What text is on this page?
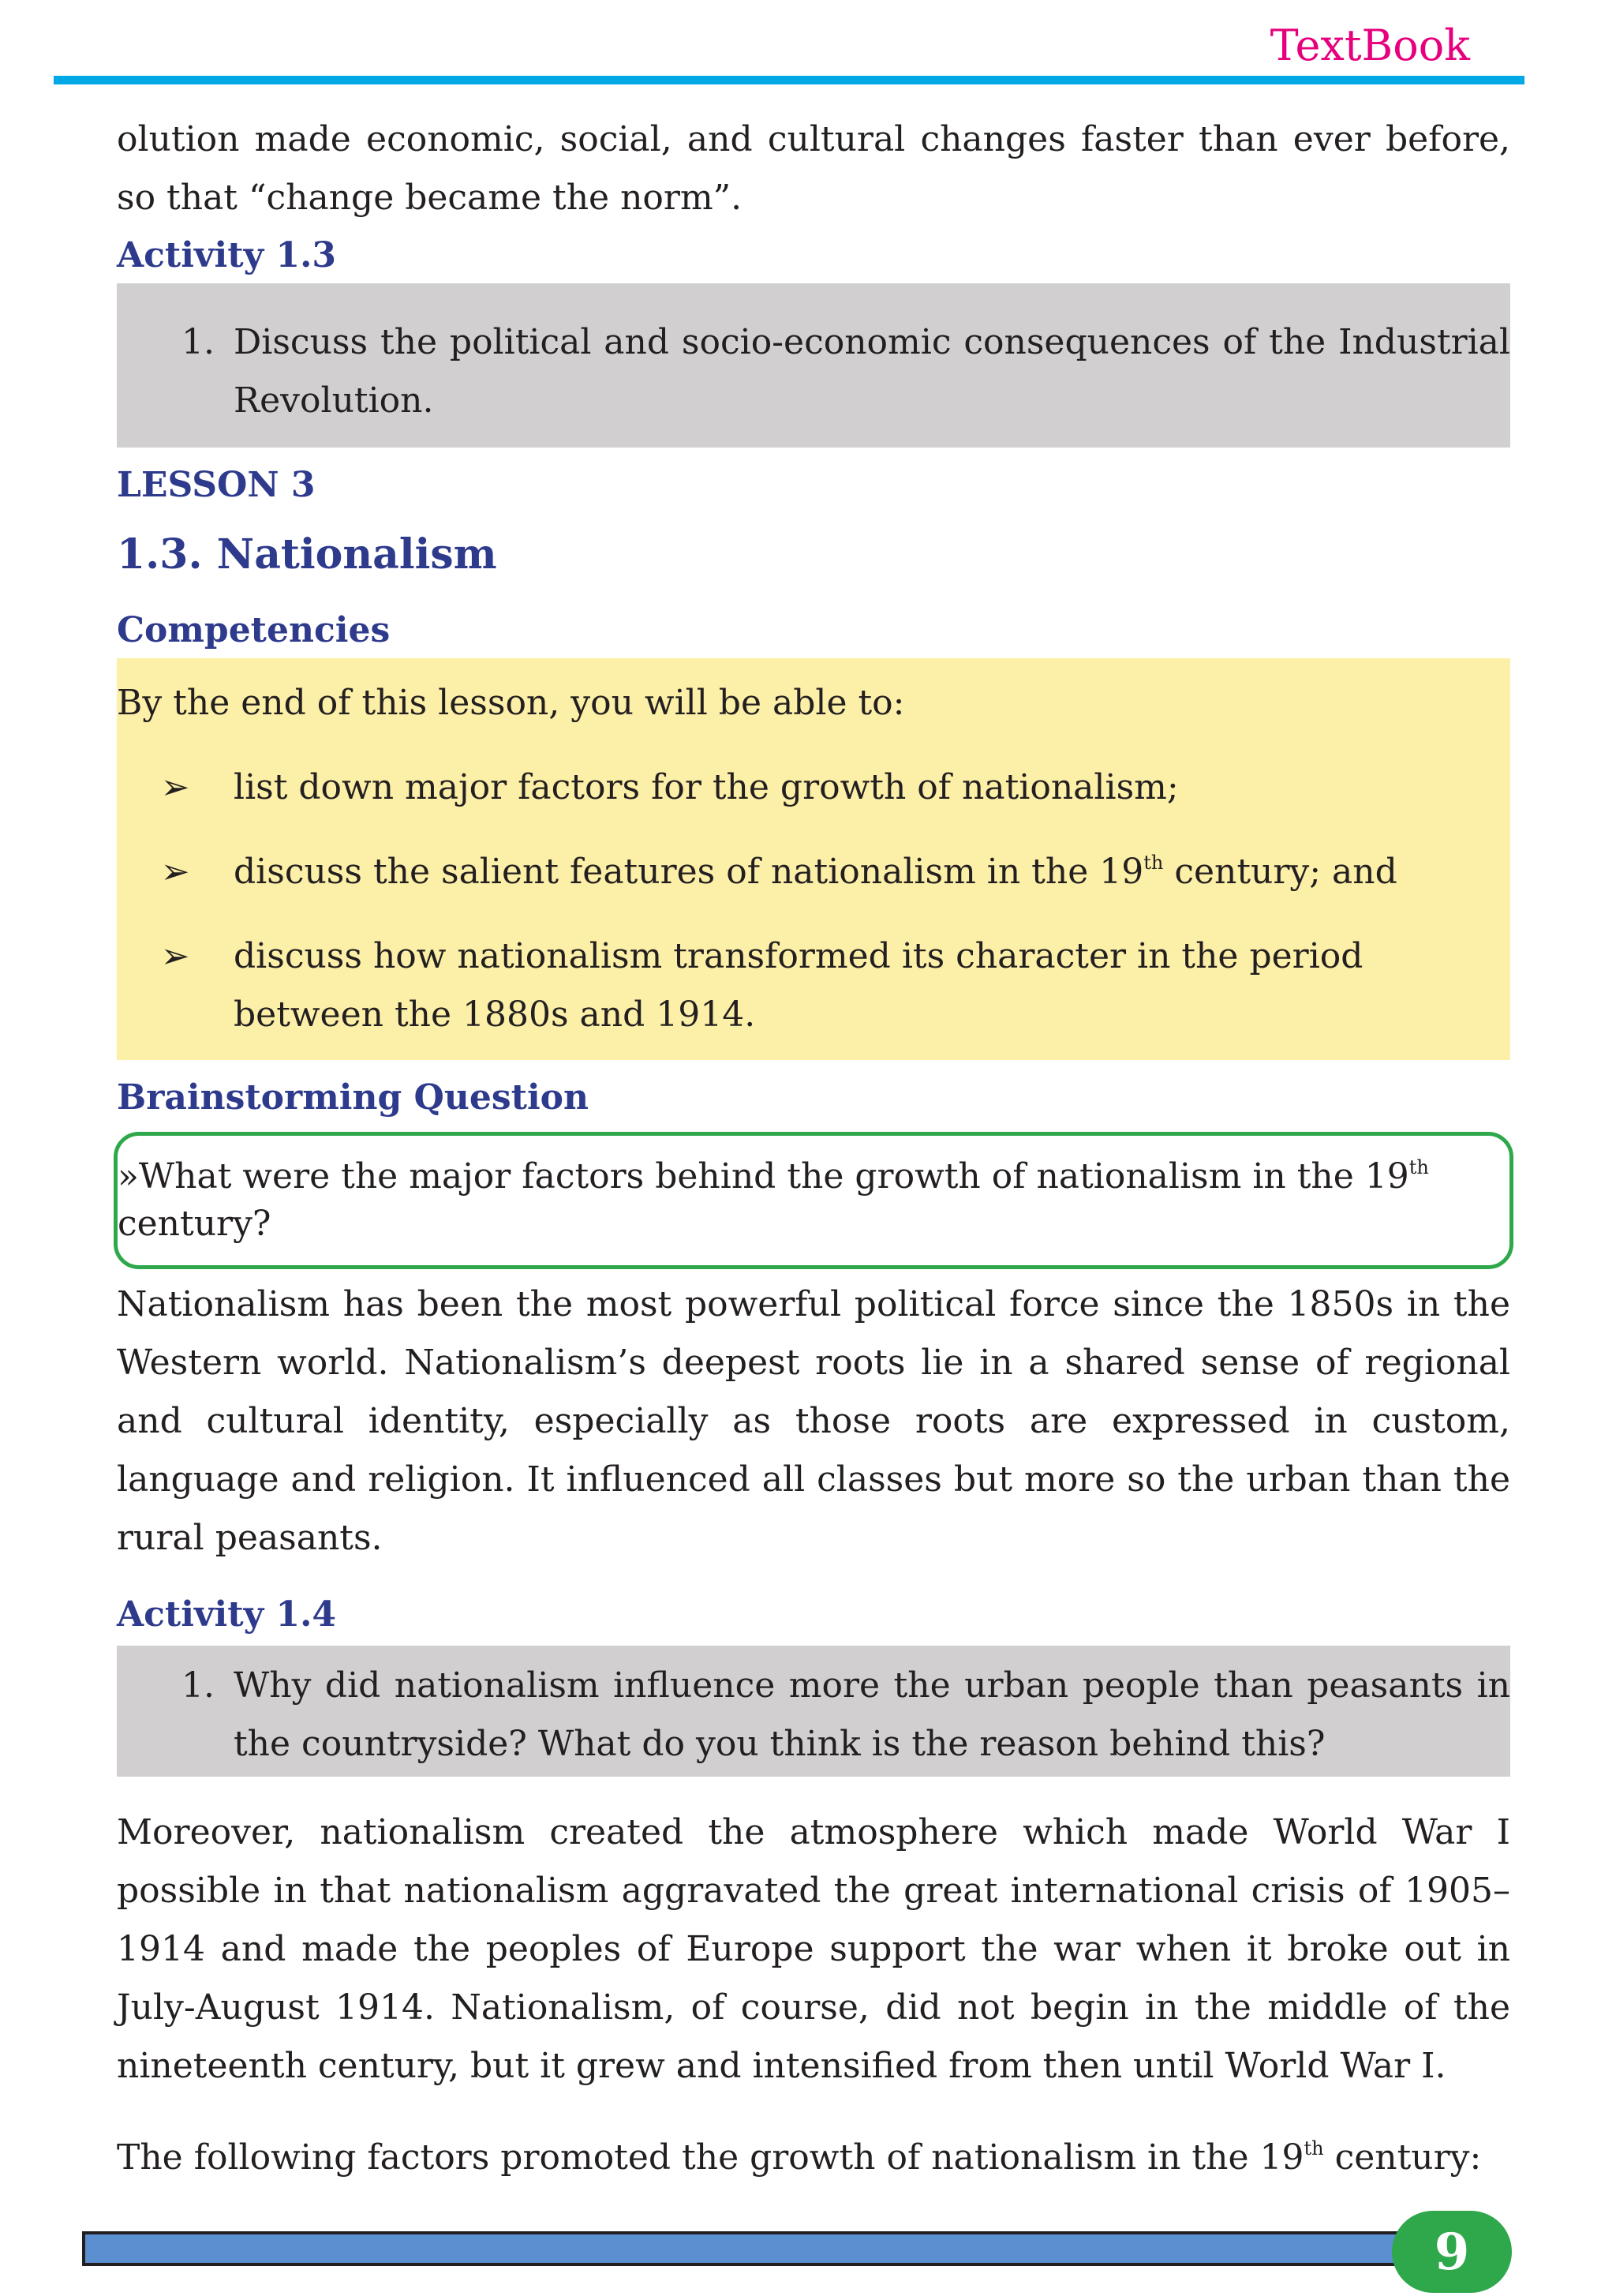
TextBook

olution made economic, social, and cultural changes faster than ever before, so that “change became the norm”.

Activity 1.3
1. Discuss the political and socio-economic consequences of the Industrial Revolution.
LESSON 3
1.3. Nationalism
Competencies
By the end of this lesson, you will be able to:
➢	list down major factors for the growth of nationalism;
➢	discuss the salient features of nationalism in the 19th century; and
➢	discuss how nationalism transformed its character in the period between the 1880s and 1914.
Brainstorming Question
»What were the major factors behind the growth of nationalism in the 19th century?

Nationalism has been the most powerful political force since the 1850s in the Western world. Nationalism’s deepest roots lie in a shared sense of regional and cultural identity, especially as those roots are expressed in custom, language and religion. It influenced all classes but more so the urban than the rural peasants.

Activity 1.4
1. Why did nationalism influence more the urban people than peasants in the countryside? What do you think is the reason behind this?

Moreover, nationalism created the atmosphere which made World War I possible in that nationalism aggravated the great international crisis of 1905–1914 and made the peoples of Europe support the war when it broke out in July-August 1914. Nationalism, of course, did not begin in the middle of the nineteenth century, but it grew and intensified from then until World War I.

The following factors promoted the growth of nationalism in the 19th century:

9
